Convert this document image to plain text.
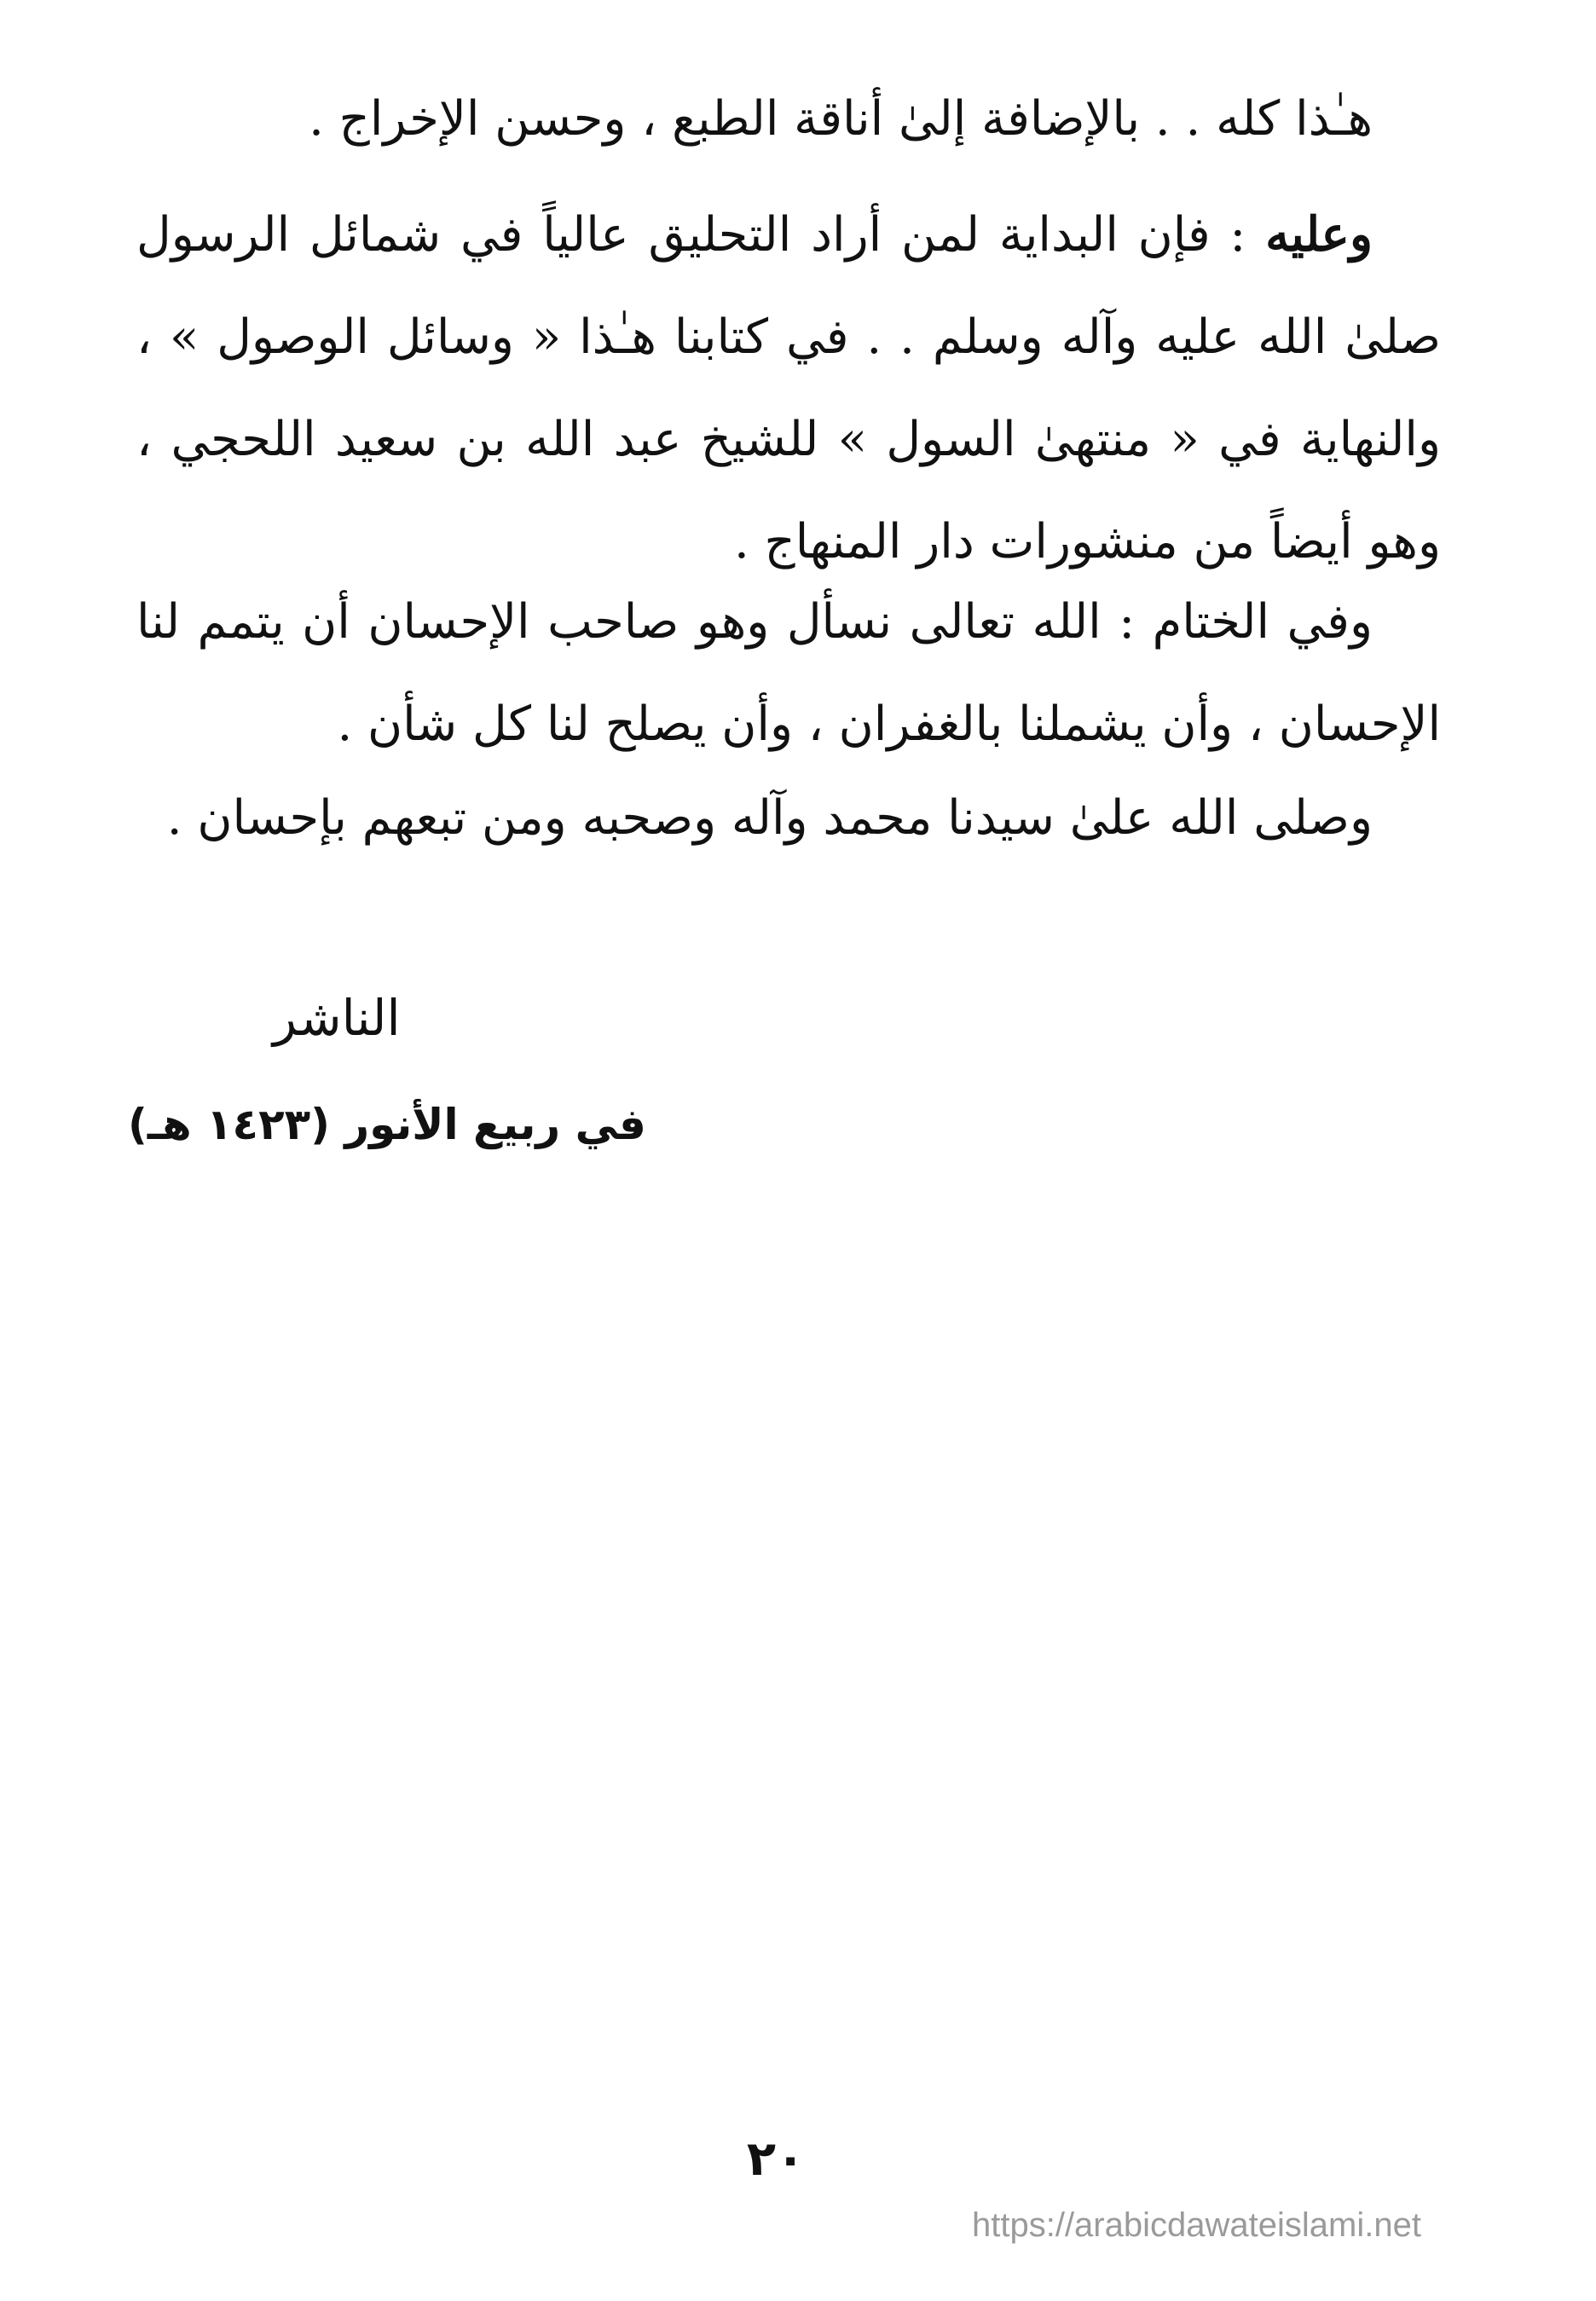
هـٰذا كله . . بالإضافة إلىٰ أناقة الطبع ، وحسن الإخراج .

وعليه : فإن البداية لمن أراد التحليق عالياً في شمائل الرسول صلىٰ الله عليه وآله وسلم . . في كتابنا هـٰذا « وسائل الوصول » ، والنهاية في « منتهىٰ السول » للشيخ عبد الله بن سعيد اللحجي ، وهو أيضاً من منشورات دار المنهاج .

وفي الختام : الله تعالى نسأل وهو صاحب الإحسان أن يتمم لنا الإحسان ، وأن يشملنا بالغفران ، وأن يصلح لنا كل شأن .

وصلى الله علىٰ سيدنا محمد وآله وصحبه ومن تبعهم بإحسان .

الناشر
في ربيع الأنور (١٤٢٣ هـ)
٢٠
https://arabicdawateislami.net
